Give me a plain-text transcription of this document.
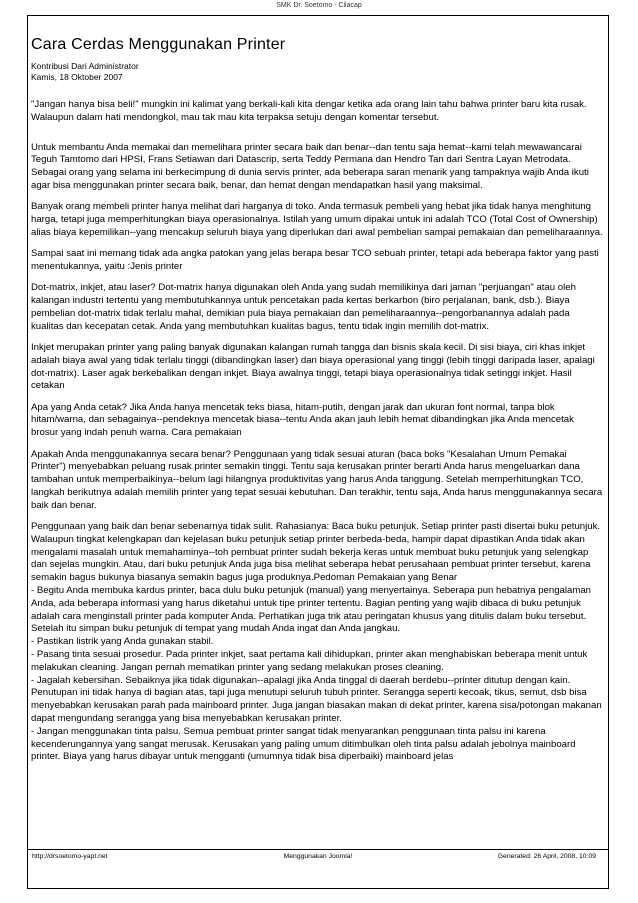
SMK Dr. Soetomo - Cilacap
Cara Cerdas Menggunakan Printer
Kontribusi Dari Administrator
Kamis, 18 Oktober 2007

"Jangan hanya bisa beli!" mungkin ini kalimat yang berkali-kali kita dengar ketika ada orang lain tahu bahwa printer baru kita rusak. Walaupun dalam hati mendongkol, mau tak mau kita terpaksa setuju dengan komentar tersebut.

Untuk membantu Anda memakai dan memelihara printer secara baik dan benar--dan tentu saja hemat--kami telah mewawancarai Teguh Tamtomo dari HPSI, Frans Setiawan dari Datascrip, serta Teddy Permana dan Hendro Tan dari Sentra Layan Metrodata. Sebagai orang yang selama ini berkecimpung di dunia servis printer, ada beberapa saran menarik yang tampaknya wajib Anda ikuti agar bisa menggunakan printer secara baik, benar, dan hemat dengan mendapatkan hasil yang maksimal.

Banyak orang membeli printer hanya melihat dari harganya di toko. Anda termasuk pembeli yang hebat jika tidak hanya menghitung harga, tetapi juga memperhitungkan biaya operasionalnya. Istilah yang umum dipakai untuk ini adalah TCO (Total Cost of Ownership) alias biaya kepemilikan--yang mencakup seluruh biaya yang diperlukan dari awal pembelian sampai pemakaian dan pemeliharaannya.

Sampai saat ini memang tidak ada angka patokan yang jelas berapa besar TCO sebuah printer, tetapi ada beberapa faktor yang pasti menentukannya, yaitu :Jenis printer

Dot-matrix, inkjet, atau laser? Dot-matrix hanya digunakan oleh Anda yang sudah memilikinya dari jaman "perjuangan" atau oleh kalangan industri tertentu yang membutuhkannya untuk pencetakan pada kertas berkarbon (biro perjalanan, bank, dsb.). Biaya pembelian dot-matrix tidak terlalu mahal, demikian pula biaya pemakaian dan pemeliharaannya--pengorbanannya adalah pada kualitas dan kecepatan cetak. Anda yang membutuhkan kualitas bagus, tentu tidak ingin memilih dot-matrix.

Inkjet merupakan printer yang paling banyak digunakan kalangan rumah tangga dan bisnis skala kecil. Di sisi biaya, ciri khas inkjet adalah biaya awal yang tidak terlalu tinggi (dibandingkan laser) dan biaya operasional yang tinggi (lebih tinggi daripada laser, apalagi dot-matrix). Laser agak berkebalikan dengan inkjet. Biaya awalnya tinggi, tetapi biaya operasionalnya tidak setinggi inkjet. Hasil cetakan

Apa yang Anda cetak? Jika Anda hanya mencetak teks biasa, hitam-putih, dengan jarak dan ukuran font normal, tanpa blok hitam/warna, dan sebagainya--pendeknya mencetak biasa--tentu Anda akan jauh lebih hemat dibandingkan jika Anda mencetak brosur yang indah penuh warna. Cara pemakaian

Apakah Anda menggunakannya secara benar? Penggunaan yang tidak sesuai aturan (baca boks "Kesalahan Umum Pemakai Printer") menyebabkan peluang rusak printer semakin tinggi. Tentu saja kerusakan printer berarti Anda harus mengeluarkan dana tambahan untuk memperbaikinya--belum lagi hilangnya produktivitas yang harus Anda tanggung. Setelah memperhitungkan TCO, langkah berikutnya adalah memilih printer yang tepat sesuai kebutuhan. Dan terakhir, tentu saja, Anda harus menggunakannya secara baik dan benar.

Penggunaan yang baik dan benar sebenarnya tidak sulit. Rahasianya: Baca buku petunjuk. Setiap printer pasti disertai buku petunjuk. Walaupun tingkat kelengkapan dan kejelasan buku petunjuk setiap printer berbeda-beda, hampir dapat dipastikan Anda tidak akan mengalami masalah untuk memahaminya--toh pembuat printer sudah bekerja keras untuk membuat buku petunjuk yang selengkap dan sejelas mungkin. Atau, dari buku petunjuk Anda juga bisa melihat seberapa hebat perusahaan pembuat printer tersebut, karena semakin bagus bukunya biasanya semakin bagus juga produknya.Pedoman Pemakaian yang Benar

- Begitu Anda membuka kardus printer, baca dulu buku petunjuk (manual) yang menyertainya. Seberapa pun hebatnya pengalaman Anda, ada beberapa informasi yang harus diketahui untuk tipe printer tertentu. Bagian penting yang wajib dibaca di buku petunjuk adalah cara menginstall printer pada komputer Anda. Perhatikan juga trik atau peringatan khusus yang ditulis dalam buku tersebut. Setelah itu simpan buku petunjuk di tempat yang mudah Anda ingat dan Anda jangkau.

- Pastikan listrik yang Anda gunakan stabil.

- Pasang tinta sesuai prosedur. Pada printer inkjet, saat pertama kali dihidupkan, printer akan menghabiskan beberapa menit untuk melakukan cleaning. Jangan pernah mematikan printer yang sedang melakukan proses cleaning.

- Jagalah kebersihan. Sebaiknya jika tidak digunakan--apalagi jika Anda tinggal di daerah berdebu--printer ditutup dengan kain. Penutupan ini tidak hanya di bagian atas, tapi juga menutupi seluruh tubuh printer. Serangga seperti kecoak, tikus, semut, dsb bisa menyebabkan kerusakan parah pada mainboard printer. Juga jangan biasakan makan di dekat printer, karena sisa/potongan makanan dapat mengundang serangga yang bisa menyebabkan kerusakan printer.

- Jangan menggunakan tinta palsu. Semua pembuat printer sangat tidak menyarankan penggunaan tinta palsu ini karena kecenderungannya yang sangat merusak. Kerusakan yang paling umum ditimbulkan oleh tinta palsu adalah jebolnya mainboard printer. Biaya yang harus dibayar untuk mengganti (umumnya tidak bisa diperbaiki) mainboard jelas

http://drsoetomo-yapt.net	Menggunakan Joomla!	Generated: 26 April, 2008, 10:09
